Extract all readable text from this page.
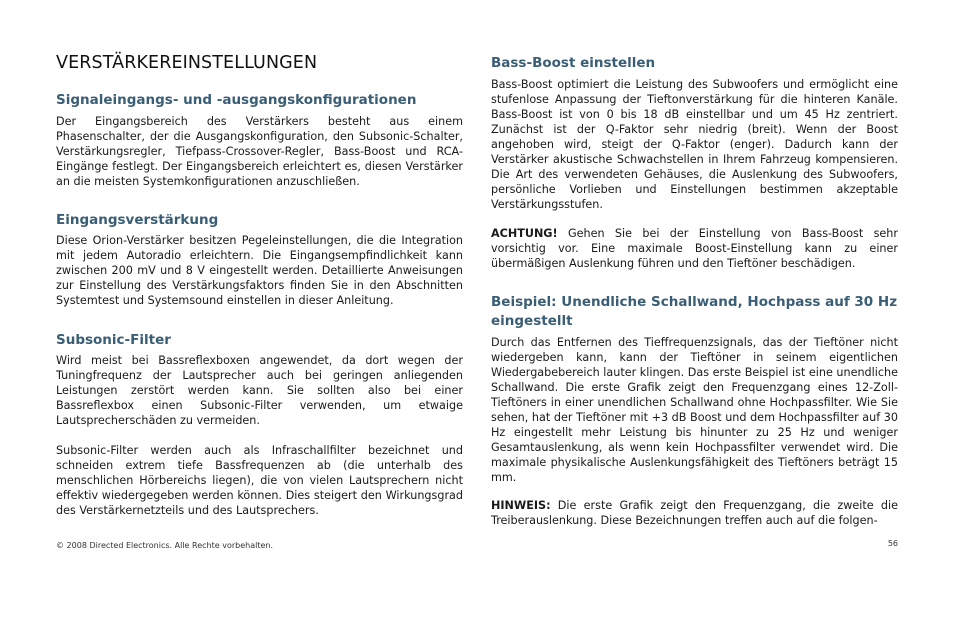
VERSTÄRKEREINSTELLUNGEN
Signaleingangs- und -ausgangskonfigurationen
Der Eingangsbereich des Verstärkers besteht aus einem Phasenschalter, der die Ausgangskonfiguration, den Subsonic-Schalter, Verstärkungsregler, Tiefpass-Crossover-Regler, Bass-Boost und RCA-Eingänge festlegt. Der Eingangsbereich erleichtert es, diesen Verstärker an die meisten Systemkonfigurationen anzuschließen.
Eingangsverstärkung
Diese Orion-Verstärker besitzen Pegeleinstellungen, die die Integration mit jedem Autoradio erleichtern. Die Eingangsempfindlichkeit kann zwischen 200 mV und 8 V eingestellt werden. Detaillierte Anweisungen zur Einstellung des Verstärkungsfaktors finden Sie in den Abschnitten Systemtest und Systemsound einstellen in dieser Anleitung.
Subsonic-Filter
Wird meist bei Bassreflexboxen angewendet, da dort wegen der Tuningfrequenz der Lautsprecher auch bei geringen anliegenden Leistungen zerstört werden kann. Sie sollten also bei einer Bassreflexbox einen Subsonic-Filter verwenden, um etwaige Lautsprecherschäden zu vermeiden.
Subsonic-Filter werden auch als Infraschallfilter bezeichnet und schneiden extrem tiefe Bassfrequenzen ab (die unterhalb des menschlichen Hörbereichs liegen), die von vielen Lautsprechern nicht effektiv wiedergegeben werden können. Dies steigert den Wirkungsgrad des Verstärkernetzteils und des Lautsprechers.
Bass-Boost einstellen
Bass-Boost optimiert die Leistung des Subwoofers und ermöglicht eine stufenlose Anpassung der Tieftonverstärkung für die hinteren Kanäle. Bass-Boost ist von 0 bis 18 dB einstellbar und um 45 Hz zentriert. Zunächst ist der Q-Faktor sehr niedrig (breit). Wenn der Boost angehoben wird, steigt der Q-Faktor (enger). Dadurch kann der Verstärker akustische Schwachstellen in Ihrem Fahrzeug kompensieren. Die Art des verwendeten Gehäuses, die Auslenkung des Subwoofers, persönliche Vorlieben und Einstellungen bestimmen akzeptable Verstärkungsstufen.
ACHTUNG! Gehen Sie bei der Einstellung von Bass-Boost sehr vorsichtig vor. Eine maximale Boost-Einstellung kann zu einer übermäßigen Auslenkung führen und den Tieftöner beschädigen.
Beispiel: Unendliche Schallwand, Hochpass auf 30 Hz eingestellt
Durch das Entfernen des Tieffrequenzsignals, das der Tieftöner nicht wiedergeben kann, kann der Tieftöner in seinem eigentlichen Wiedergabebereich lauter klingen. Das erste Beispiel ist eine unendliche Schallwand. Die erste Grafik zeigt den Frequenzgang eines 12-Zoll-Tieftöners in einer unendlichen Schallwand ohne Hochpassfilter. Wie Sie sehen, hat der Tieftöner mit +3 dB Boost und dem Hochpassfilter auf 30 Hz eingestellt mehr Leistung bis hinunter zu 25 Hz und weniger Gesamtauslenkung, als wenn kein Hochpassfilter verwendet wird. Die maximale physikalische Auslenkungsfähigkeit des Tieftöners beträgt 15 mm.
HINWEIS: Die erste Grafik zeigt den Frequenzgang, die zweite die Treiberauslenkung. Diese Bezeichnungen treffen auch auf die folgen-
© 2008 Directed Electronics. Alle Rechte vorbehalten.	56
